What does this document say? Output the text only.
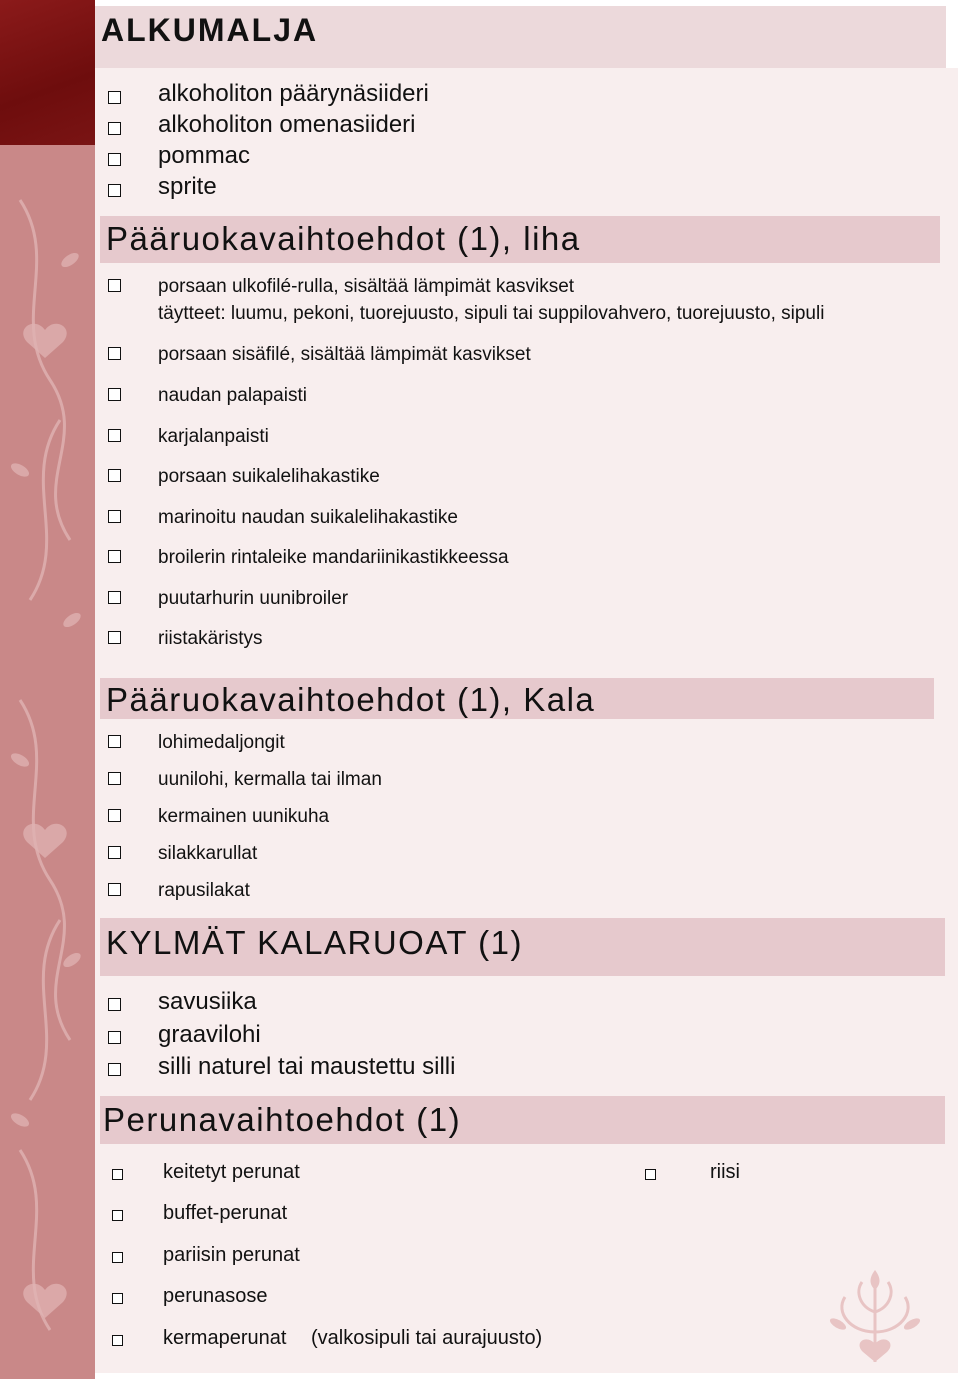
ALKUMALJA
alkoholiton päärynäsiideri
alkoholiton omenasiideri
pommac
sprite
Pääruokavaihtoehdot (1), liha
porsaan ulkofilé-rulla, sisältää lämpimät kasvikset
täytteet: luumu, pekoni, tuorejuusto, sipuli tai suppilovahvero, tuorejuusto, sipuli
porsaan sisäfilé, sisältää lämpimät kasvikset
naudan palapaisti
karjalanpaisti
porsaan suikalelihakastike
marinoitu naudan suikalelihakastike
broilerin rintaleike mandariinikastikkeessa
puutarhurin uunibroiler
riistakäristys
Pääruokavaihtoehdot (1), Kala
lohimedaljongit
uunilohi, kermalla tai ilman
kermainen uunikuha
silakkarullat
rapusilakat
KYLMÄT KALARUOAT (1)
savusiika
graavilohi
silli naturel tai maustettu silli
Perunavaihtoehdot (1)
keitetyt perunat
buffet-perunat
pariisin perunat
perunasose
kermaperunat (valkosipuli tai aurajuusto)
riisi
